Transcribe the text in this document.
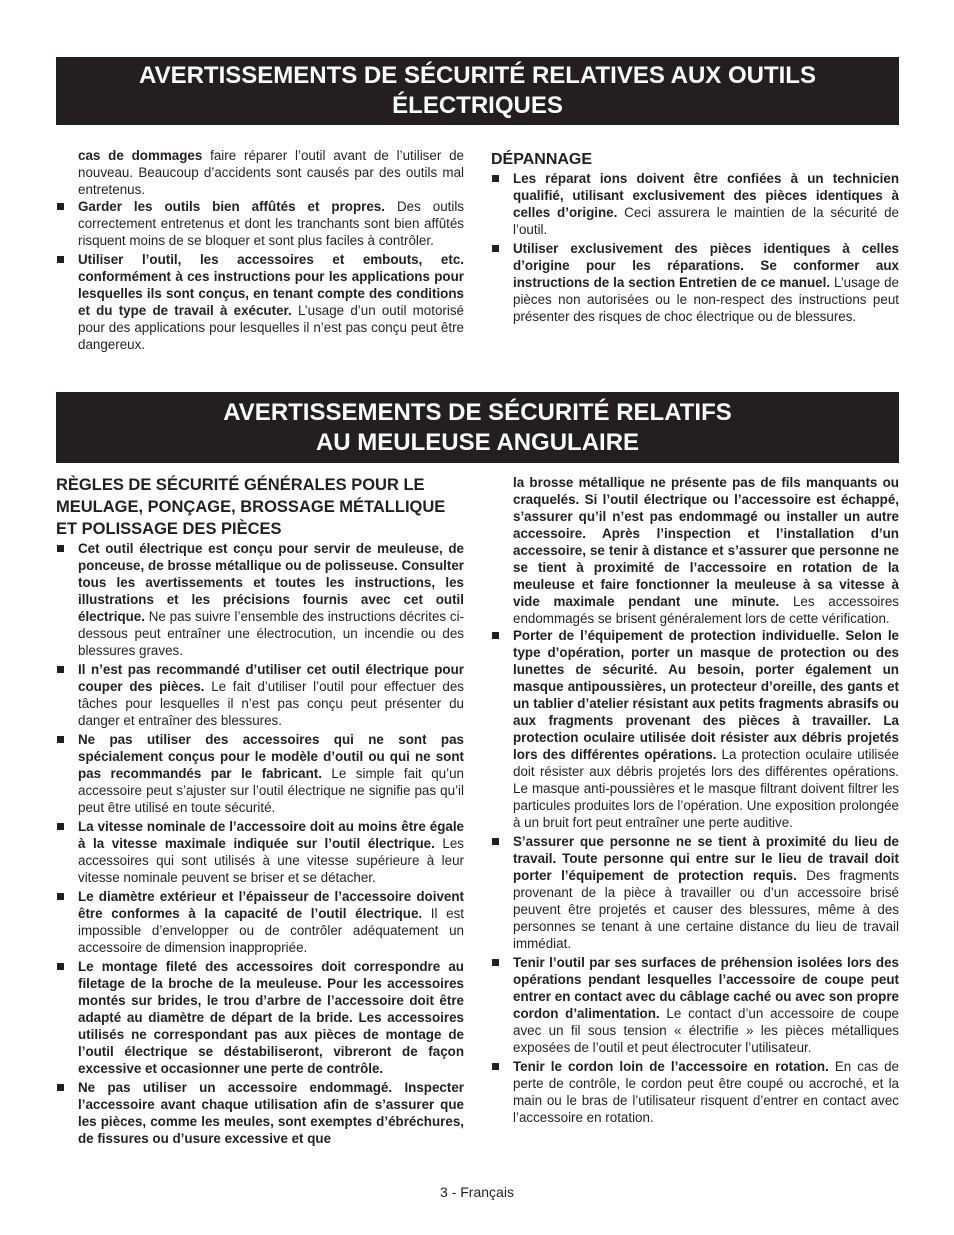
AVERTISSEMENTS DE SÉCURITÉ RELATIVES AUX OUTILS
ÉLECTRIQUES

cas de dommages faire réparer l’outil avant de l’utiliser de nouveau. Beaucoup d’accidents sont causés par des outils mal entretenus.

Garder les outils bien affûtés et propres. Des outils correctement entretenus et dont les tranchants sont bien affûtés risquent moins de se bloquer et sont plus faciles à contrôler.
Utiliser l’outil, les accessoires et embouts, etc. conformément à ces instructions pour les applications pour lesquelles ils sont conçus, en tenant compte des conditions et du type de travail à exécuter. L’usage d’un outil motorisé pour des applications pour lesquelles il n’est pas conçu peut être dangereux.

DÉPANNAGE

Les réparat ions doivent être confiées à un technicien qualifié, utilisant exclusivement des pièces identiques à celles d’origine. Ceci assurera le maintien de la sécurité de l’outil.
Utiliser exclusivement des pièces identiques à celles d’origine pour les réparations. Se conformer aux instructions de la section Entretien de ce manuel. L’usage de pièces non autorisées ou le non-respect des instructions peut présenter des risques de choc électrique ou de blessures.
AVERTISSEMENTS DE SÉCURITÉ RELATIFS
AU MEULEUSE ANGULAIRE

RÈGLES DE SÉCURITÉ GÉNÉRALES POUR LE MEULAGE, PONÇAGE, BROSSAGE MÉTALLIQUE ET POLISSAGE DES PIÈCES

Cet outil électrique est conçu pour servir de meuleuse, de ponceuse, de brosse métallique ou de polisseuse. Consulter tous les avertissements et toutes les instructions, les illustrations et les précisions fournis avec cet outil électrique. Ne pas suivre l’ensemble des instructions décrites ci-dessous peut entraîner une électrocution, un incendie ou des blessures graves.
Il n’est pas recommandé d’utiliser cet outil électrique pour couper des pièces. Le fait d’utiliser l’outil pour effectuer des tâches pour lesquelles il n’est pas conçu peut présenter du danger et entraîner des blessures.
Ne pas utiliser des accessoires qui ne sont pas spécialement conçus pour le modèle d’outil ou qui ne sont pas recommandés par le fabricant. Le simple fait qu’un accessoire peut s’ajuster sur l’outil électrique ne signifie pas qu’il peut être utilisé en toute sécurité.
La vitesse nominale de l’accessoire doit au moins être égale à la vitesse maximale indiquée sur l’outil électrique. Les accessoires qui sont utilisés à une vitesse supérieure à leur vitesse nominale peuvent se briser et se détacher.
Le diamètre extérieur et l’épaisseur de l’accessoire doivent être conformes à la capacité de l’outil électrique. Il est impossible d’envelopper ou de contrôler adéquatement un accessoire de dimension inappropriée.
Le montage fileté des accessoires doit correspondre au filetage de la broche de la meuleuse. Pour les accessoires montés sur brides, le trou d’arbre de l’accessoire doit être adapté au diamètre de départ de la bride. Les accessoires utilisés ne correspondant pas aux pièces de montage de l’outil électrique se déstabiliseront, vibreront de façon excessive et occasionner une perte de contrôle.
Ne pas utiliser un accessoire endommagé. Inspecter l’accessoire avant chaque utilisation afin de s’assurer que les pièces, comme les meules, sont exemptes d’ébréchures, de fissures ou d’usure excessive et que

la brosse métallique ne présente pas de fils manquants ou craquelés. Si l’outil électrique ou l’accessoire est échappé, s’assurer qu’il n’est pas endommagé ou installer un autre accessoire. Après l’inspection et l’installation d’un accessoire, se tenir à distance et s’assurer que personne ne se tient à proximité de l’accessoire en rotation de la meuleuse et faire fonctionner la meuleuse à sa vitesse à vide maximale pendant une minute. Les accessoires endommagés se brisent généralement lors de cette vérification.

Porter de l’équipement de protection individuelle. Selon le type d’opération, porter un masque de protection ou des lunettes de sécurité. Au besoin, porter également un masque antipoussières, un protecteur d’oreille, des gants et un tablier d’atelier résistant aux petits fragments abrasifs ou aux fragments provenant des pièces à travailler. La protection oculaire utilisée doit résister aux débris projetés lors des différentes opérations. La protection oculaire utilisée doit résister aux débris projetés lors des différentes opérations. Le masque anti-poussières et le masque filtrant doivent filtrer les particules produites lors de l’opération. Une exposition prolongée à un bruit fort peut entraîner une perte auditive.
S’assurer que personne ne se tient à proximité du lieu de travail. Toute personne qui entre sur le lieu de travail doit porter l’équipement de protection requis. Des fragments provenant de la pièce à travailler ou d’un accessoire brisé peuvent être projetés et causer des blessures, même à des personnes se tenant à une certaine distance du lieu de travail immédiat.
Tenir l’outil par ses surfaces de préhension isolées lors des opérations pendant lesquelles l’accessoire de coupe peut entrer en contact avec du câblage caché ou avec son propre cordon d’alimentation. Le contact d’un accessoire de coupe avec un fil sous tension « électrifie » les pièces métalliques exposées de l’outil et peut électrocuter l’utilisateur.
Tenir le cordon loin de l’accessoire en rotation. En cas de perte de contrôle, le cordon peut être coupé ou accroché, et la main ou le bras de l’utilisateur risquent d’entrer en contact avec l’accessoire en rotation.
3 - Français
